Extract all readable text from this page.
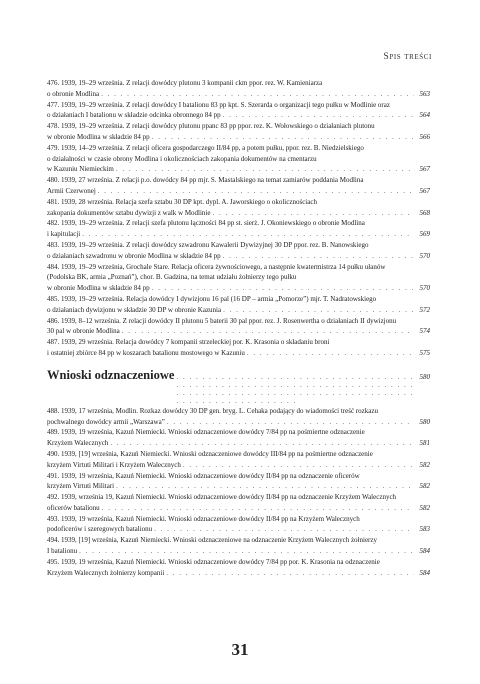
Spis treści
476. 1939, 19–29 września. Z relacji dowódcy plutonu 3 kompanii ckm ppor. rez. W. Kamieniarza
o obronie Modlina . . .	563
477. 1939, 19–29 września. Z relacji dowódcy I batalionu 83 pp kpt. S. Szerarda o organizacji tego pułku w Modlinie oraz
o działaniach I batalionu w składzie odcinka obronnego 84 pp . . .	564
478. 1939, 19–29 września. Z relacji dowódcy plutonu ppanc 83 pp ppor. rez. K. Wołowskiego o działaniach plutonu
w obronie Modlina w składzie 84 pp . . .	566
479. 1939, 14–29 września. Z relacji oficera gospodarczego II/84 pp, a potem pułku, ppor. rez. B. Niedzielskiego
o działalności w czasie obrony Modlina i okolicznościach zakopania dokumentów na cmentarzu
w Kazuniu Niemieckim . . .	567
480. 1939, 27 września. Z relacji p.o. dowódcy 84 pp mjr. S. Mastalskiego na temat zamiarów poddania Modlina
Armii Czerwonej . . .	567
481. 1939, 28 września. Relacja szefa sztabu 30 DP kpt. dypl. A. Jaworskiego o okolicznościach
zakopania dokumentów sztabu dywizji z walk w Modlinie . . .	568
482. 1939, 19–29 września. Z relacji szefa plutonu łączności 84 pp st. sierż. J. Okoniewskiego o obronie Modlina
i kapitulacji . . .	569
483. 1939, 19–29 września. Z relacji dowódcy szwadronu Kawalerii Dywizyjnej 30 DP ppor. rez. B. Nanowskiego
o działaniach szwadronu w obronie Modlina w składzie 84 pp . . .	570
484. 1939, 19–29 września, Grochale Stare. Relacja oficera żywnościowego, a następnie kwatermistrza 14 pułku ułanów
(Podolska BK, armia „Poznań”), chor. B. Gadzina, na temat udziału żołnierzy tego pułku
w obronie Modlina w składzie 84 pp . . .	570
485. 1939, 19–29 września. Relacja dowódcy I dywizjonu 16 pal (16 DP – armia „Pomorze”) mjr. T. Nadratowskiego
o działaniach dywizjonu w składzie 30 DP w obronie Kazunia . . .	572
486. 1939, 8–12 września. Z relacji dowódcy II plutonu 5 baterii 30 pal ppor. rez. J. Rosenwertha o działaniach II dywizjonu
30 pal w obronie Modlina . . .	574
487. 1939, 29 września. Relacja dowódcy 7 kompanii strzeleckiej por. K. Krasonia o składaniu broni
i ostatniej zbiórce 84 pp w koszarach batalionu mostowego w Kazuniu . . .	575
Wnioski odznaczeniowe . . .	580
488. 1939, 17 września, Modlin. Rozkaz dowódcy 30 DP gen. bryg. L. Cehaka podający do wiadomości treść rozkazu
pochwalnego dowódcy armii „Warszawa” . . .	580
489. 1939, 19 września, Kazuń Niemiecki. Wnioski odznaczeniowe dowódcy 7/84 pp na pośmiertne odznaczenie
Krzyżem Walecznych . . .	581
490. 1939, [19] września, Kazuń Niemiecki. Wnioski odznaczeniowe dowódcy III/84 pp na pośmiertne odznaczenie
krzyżem Virtuti Militari i Krzyżem Walecznych . . .	582
491. 1939, 19 września, Kazuń Niemiecki. Wnioski odznaczeniowe dowódcy II/84 pp na odznaczenie oficerów
krzyżem Virtuti Militari . . .	582
492. 1939, września 19, Kazuń Niemiecki. Wnioski odznaczeniowe dowódcy II/84 pp na odznaczenie Krzyżem Walecznych
oficerów batalionu . . .	582
493. 1939, 19 września, Kazuń Niemiecki. Wnioski odznaczeniowe dowódcy II/84 pp na Krzyżem Walecznych
podoficerów i szeregowych batalionu . . .	583
494. 1939, [19] września, Kazuń Niemiecki. Wnioski odznaczeniowe na odznaczenie Krzyżem Walecznych żołnierzy
I batalionu . . .	584
495. 1939, 19 września, Kazuń Niemiecki. Wnioski odznaczeniowe dowódcy 7/84 pp por. K. Krasonia na odznaczenie
Krzyżem Walecznych żołnierzy kompanii . . .	584
31
